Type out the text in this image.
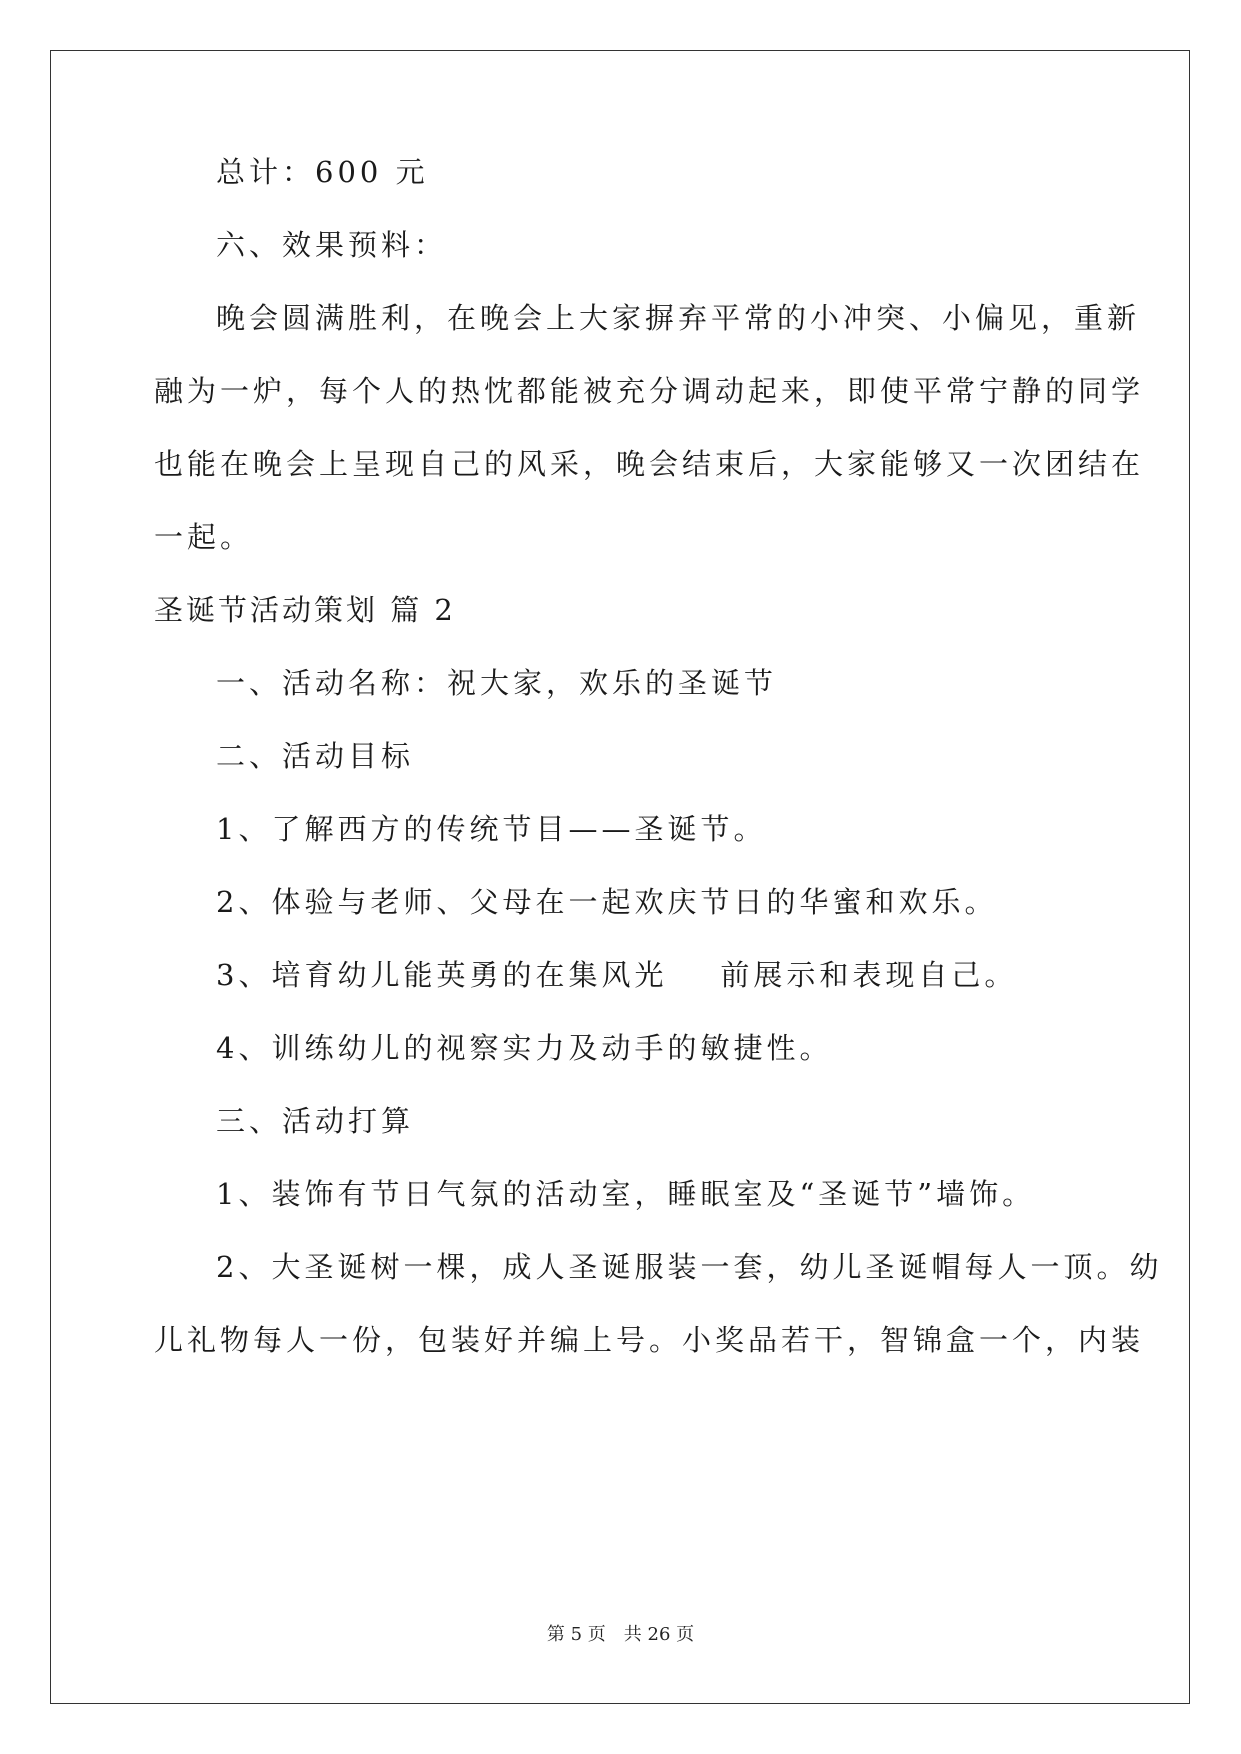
总计：600 元
六、效果预料：
晚会圆满胜利，在晚会上大家摒弃平常的小冲突、小偏见，重新
融为一炉，每个人的热忱都能被充分调动起来，即使平常宁静的同学
也能在晚会上呈现自己的风采，晚会结束后，大家能够又一次团结在
一起。
圣诞节活动策划 篇 2
一、活动名称：祝大家，欢乐的圣诞节
二、活动目标
1、了解西方的传统节目——圣诞节。
2、体验与老师、父母在一起欢庆节日的华蜜和欢乐。
3、培育幼儿能英勇的在集风光    前展示和表现自己。
4、训练幼儿的视察实力及动手的敏捷性。
三、活动打算
1、装饰有节日气氛的活动室，睡眠室及“圣诞节”墙饰。
2、大圣诞树一棵，成人圣诞服装一套，幼儿圣诞帽每人一顶。幼
儿礼物每人一份，包装好并编上号。小奖品若干，智锦盒一个，内装
第 5 页 共 26 页
